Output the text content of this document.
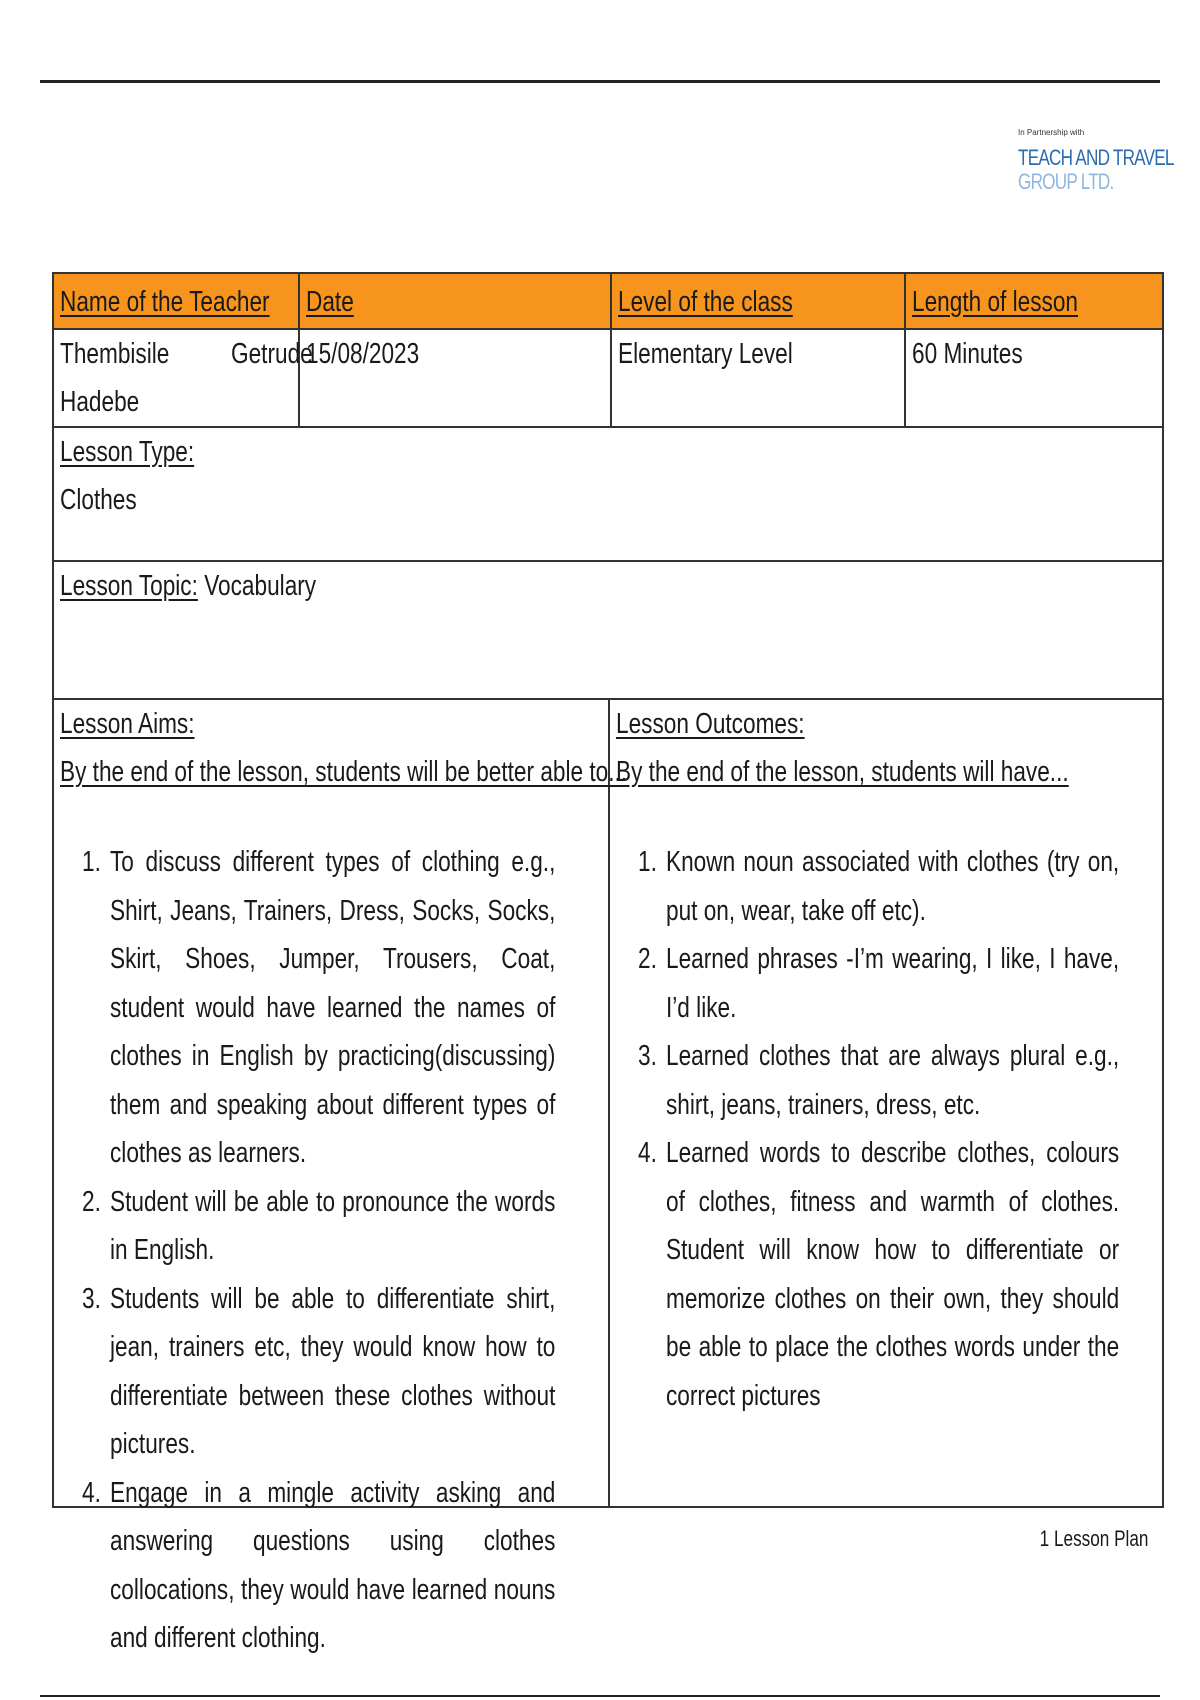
In Partnership with
TEACH AND TRAVEL
GROUP LTD.
Name of the Teacher	Date	Level of the class	Length of lesson
Thembisile Getrude
Hadebe
15/08/2023	Elementary Level	60 Minutes
Lesson Type:
Clothes
Lesson Topic: Vocabulary
Lesson Aims:
By the end of the lesson, students will be better able to...
1. To discuss different types of clothing e.g., Shirt, Jeans, Trainers, Dress, Socks, Socks, Skirt, Shoes, Jumper, Trousers, Coat, student would have learned the names of clothes in English by practicing(discussing) them and speaking about different types of clothes as learners.
2. Student will be able to pronounce the words in English.
3. Students will be able to differentiate shirt, jean, trainers etc, they would know how to differentiate between these clothes without pictures.
4. Engage in a mingle activity asking and answering questions using clothes collocations, they would have learned nouns and different clothing.
Lesson Outcomes:
By the end of the lesson, students will have...
1. Known noun associated with clothes (try on, put on, wear, take off etc).
2. Learned phrases -I’m wearing, I like, I have, I’d like.
3. Learned clothes that are always plural e.g., shirt, jeans, trainers, dress, etc.
4. Learned words to describe clothes, colours of clothes, fitness and warmth of clothes. Student will know how to differentiate or memorize clothes on their own, they should be able to place the clothes words under the correct pictures
1 Lesson Plan
